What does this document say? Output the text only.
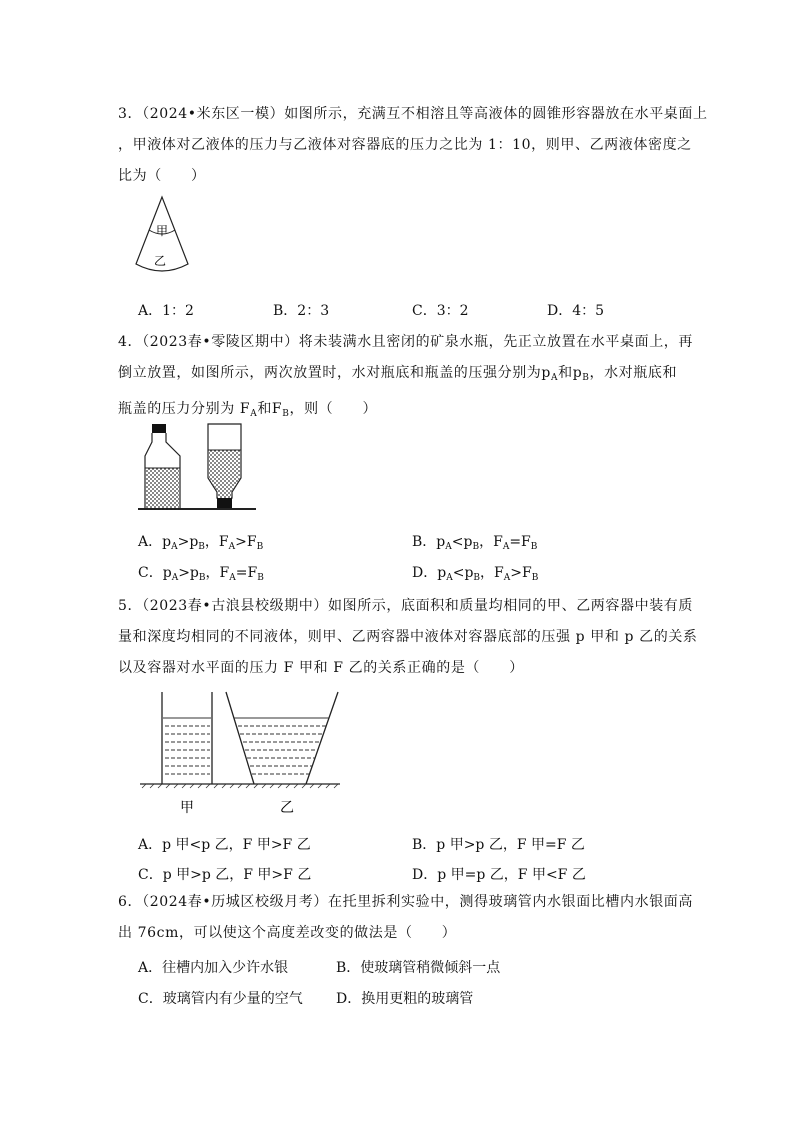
3．（2024•米东区一模）如图所示，充满互不相溶且等高液体的圆锥形容器放在水平桌面上
，甲液体对乙液体的压力与乙液体对容器底的压力之比为 1：10，则甲、乙两液体密度之
比为（　　）
甲
乙
A．1：2	B．2：3	C．3：2	D．4：5
4．（2023春•零陵区期中）将未装满水且密闭的矿泉水瓶，先正立放置在水平桌面上，再
倒立放置，如图所示，两次放置时，水对瓶底和瓶盖的压强分别为$p_A$和$p_B$，水对瓶底和
瓶盖的压力分别为 $F_A$和$F_B$，则（　　）
A．$p_A>p_B$，$F_A>F_B$	B．$p_A<p_B$，$F_A=F_B$
C．$p_A>p_B$，$F_A=F_B$	D．$p_A<p_B$，$F_A>F_B$
5．（2023春•古浪县校级期中）如图所示，底面积和质量均相同的甲、乙两容器中装有质
量和深度均相同的不同液体，则甲、乙两容器中液体对容器底部的压强 p 甲和 p 乙的关系
以及容器对水平面的压力 F 甲和 F 乙的关系正确的是（　　）
甲	乙
A．p 甲<p 乙，F 甲>F 乙	B．p 甲>p 乙，F 甲=F 乙
C．p 甲>p 乙，F 甲>F 乙	D．p 甲=p 乙，F 甲<F 乙
6．（2024春•历城区校级月考）在托里拆利实验中，测得玻璃管内水银面比槽内水银面高
出 76cm，可以使这个高度差改变的做法是（　　）
A．往槽内加入少许水银	B．使玻璃管稍微倾斜一点
C．玻璃管内有少量的空气 D．换用更粗的玻璃管
